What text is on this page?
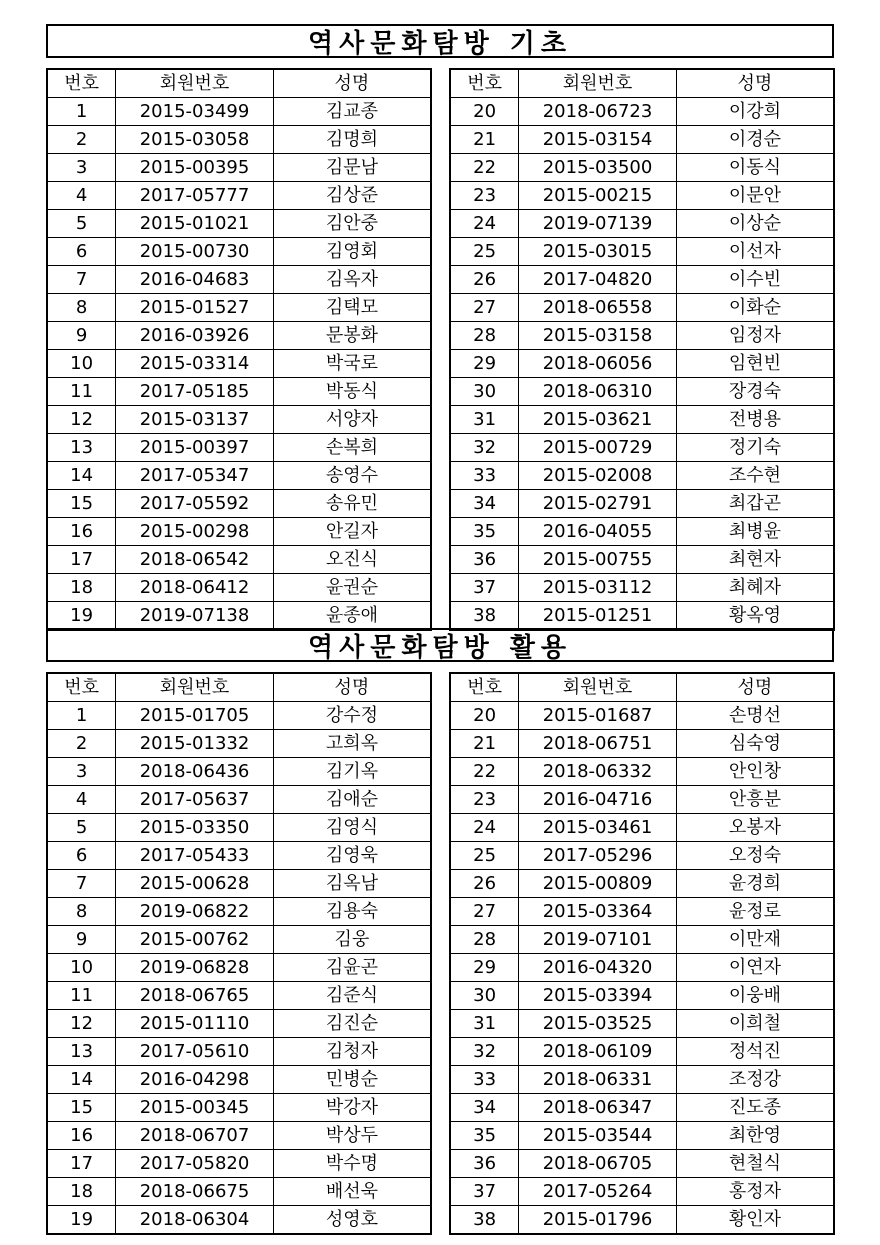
역사문화탐방 기초
번호	회원번호	성명
1	2015-03499	김교종
2	2015-03058	김명희
3	2015-00395	김문남
4	2017-05777	김상준
5	2015-01021	김안중
6	2015-00730	김영회
7	2016-04683	김옥자
8	2015-01527	김택모
9	2016-03926	문봉화
10	2015-03314	박국로
11	2017-05185	박동식
12	2015-03137	서양자
13	2015-00397	손복희
14	2017-05347	송영수
15	2017-05592	송유민
16	2015-00298	안길자
17	2018-06542	오진식
18	2018-06412	윤권순
19	2019-07138	윤종애
번호	회원번호	성명
20	2018-06723	이강희
21	2015-03154	이경순
22	2015-03500	이동식
23	2015-00215	이문안
24	2019-07139	이상순
25	2015-03015	이선자
26	2017-04820	이수빈
27	2018-06558	이화순
28	2015-03158	임정자
29	2018-06056	임현빈
30	2018-06310	장경숙
31	2015-03621	전병용
32	2015-00729	정기숙
33	2015-02008	조수현
34	2015-02791	최갑곤
35	2016-04055	최병윤
36	2015-00755	최현자
37	2015-03112	최혜자
38	2015-01251	황옥영
역사문화탐방 활용
번호	회원번호	성명
1	2015-01705	강수정
2	2015-01332	고희옥
3	2018-06436	김기옥
4	2017-05637	김애순
5	2015-03350	김영식
6	2017-05433	김영욱
7	2015-00628	김옥남
8	2019-06822	김용숙
9	2015-00762	김웅
10	2019-06828	김윤곤
11	2018-06765	김준식
12	2015-01110	김진순
13	2017-05610	김청자
14	2016-04298	민병순
15	2015-00345	박강자
16	2018-06707	박상두
17	2017-05820	박수명
18	2018-06675	배선욱
19	2018-06304	성영호
번호	회원번호	성명
20	2015-01687	손명선
21	2018-06751	심숙영
22	2018-06332	안인창
23	2016-04716	안흥분
24	2015-03461	오봉자
25	2017-05296	오정숙
26	2015-00809	윤경희
27	2015-03364	윤정로
28	2019-07101	이만재
29	2016-04320	이연자
30	2015-03394	이웅배
31	2015-03525	이희철
32	2018-06109	정석진
33	2018-06331	조정강
34	2018-06347	진도종
35	2015-03544	최한영
36	2018-06705	현철식
37	2017-05264	홍정자
38	2015-01796	황인자
